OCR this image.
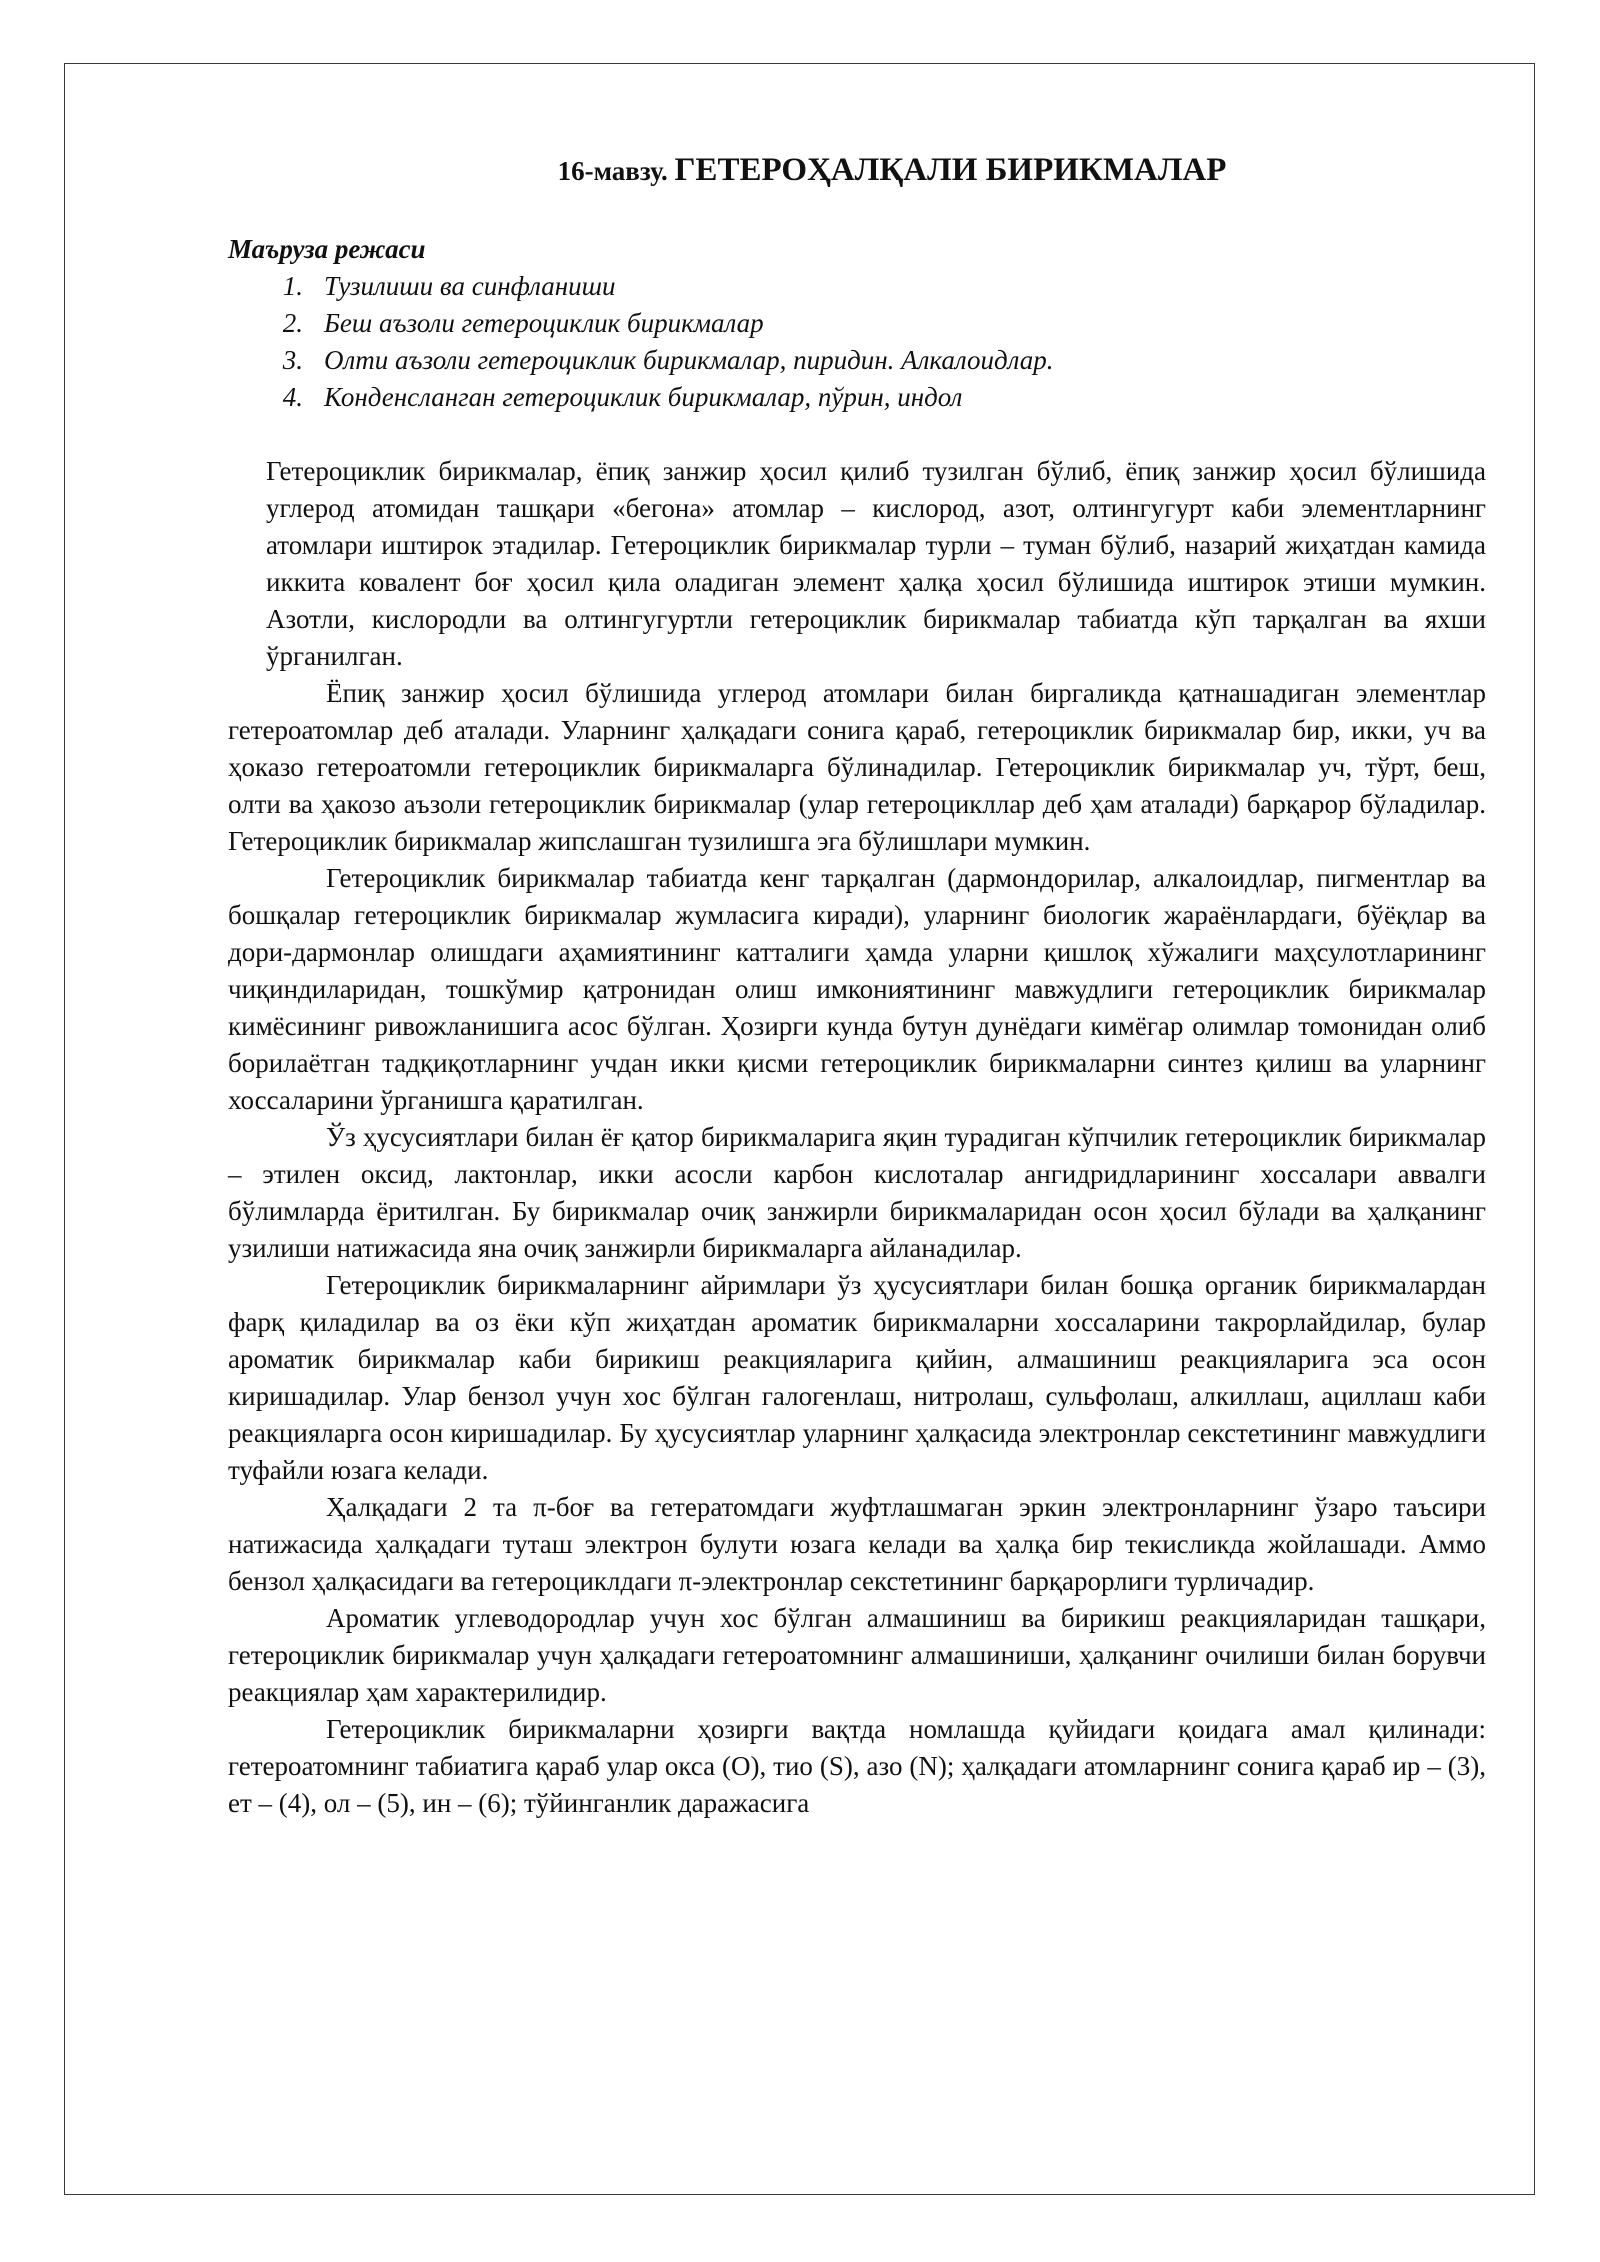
16-мавзу. ГЕТЕРОҲАЛҚАЛИ БИРИКМАЛАР
Маъруза режаси
1. Тузилиши ва синфланиши
2. Беш аъзоли гетероциклик бирикмалар
3. Олти аъзоли гетероциклик бирикмалар, пиридин. Алкалоидлар.
4. Конденсланган гетероциклик бирикмалар, пўрин, индол

Гетероциклик бирикмалар, ёпиқ занжир ҳосил қилиб тузилган бўлиб, ёпиқ занжир ҳосил бўлишида углерод атомидан ташқари «бегона» атомлар – кислород, азот, олтингугурт каби элементларнинг атомлари иштирок этадилар. Гетероциклик бирикмалар турли – туман бўлиб, назарий жиҳатдан камида иккита ковалент боғ ҳосил қила оладиган элемент ҳалқа ҳосил бўлишида иштирок этиши мумкин. Азотли, кислородли ва олтингугуртли гетероциклик бирикмалар табиатда кўп тарқалган ва яхши ўрганилган.

Ёпиқ занжир ҳосил бўлишида углерод атомлари билан биргаликда қатнашадиган элементлар гетероатомлар деб аталади. Уларнинг ҳалқадаги сонига қараб, гетероциклик бирикмалар бир, икки, уч ва ҳоказо гетероатомли гетероциклик бирикмаларга бўлинадилар. Гетероциклик бирикмалар уч, тўрт, беш, олти ва ҳакозо аъзоли гетероциклик бирикмалар (улар гетероцикллар деб ҳам аталади) барқарор бўладилар. Гетероциклик бирикмалар жипслашган тузилишга эга бўлишлари мумкин.

Гетероциклик бирикмалар табиатда кенг тарқалган (дармондорилар, алкалоидлар, пигментлар ва бошқалар гетероциклик бирикмалар жумласига киради), уларнинг биологик жараёнлардаги, бўёқлар ва дори-дармонлар олишдаги аҳамиятининг катталиги ҳамда уларни қишлоқ хўжалиги маҳсулотларининг чиқиндиларидан, тошкўмир қатронидан олиш имкониятининг мавжудлиги гетероциклик бирикмалар кимёсининг ривожланишига асос бўлган. Ҳозирги кунда бутун дунёдаги кимёгар олимлар томонидан олиб борилаётган тадқиқотларнинг учдан икки қисми гетероциклик бирикмаларни синтез қилиш ва уларнинг хоссаларини ўрганишга қаратилган.

Ўз ҳусусиятлари билан ёғ қатор бирикмаларига яқин турадиган кўпчилик гетероциклик бирикмалар – этилен оксид, лактонлар, икки асосли карбон кислоталар ангидридларининг хоссалари аввалги бўлимларда ёритилган. Бу бирикмалар очиқ занжирли бирикмаларидан осон ҳосил бўлади ва ҳалқанинг узилиши натижасида яна очиқ занжирли бирикмаларга айланадилар.

Гетероциклик бирикмаларнинг айримлари ўз ҳусусиятлари билан бошқа органик бирикмалардан фарқ қиладилар ва оз ёки кўп жиҳатдан ароматик бирикмаларни хоссаларини такрорлайдилар, булар ароматик бирикмалар каби бирикиш реакцияларига қийин, алмашиниш реакцияларига эса осон киришадилар. Улар бензол учун хос бўлган галогенлаш, нитролаш, сульфолаш, алкиллаш, ациллаш каби реакцияларга осон киришадилар. Бу ҳусусиятлар уларнинг ҳалқасида электронлар секстетининг мавжудлиги туфайли юзага келади.

Ҳалқадаги 2 та π-боғ ва гетератомдаги жуфтлашмаган эркин электронларнинг ўзаро таъсири натижасида ҳалқадаги туташ электрон булути юзага келади ва ҳалқа бир текисликда жойлашади. Аммо бензол ҳалқасидаги ва гетероциклдаги π-электронлар секстетининг барқарорлиги турличадир.

Ароматик углеводородлар учун хос бўлган алмашиниш ва бирикиш реакцияларидан ташқари, гетероциклик бирикмалар учун ҳалқадаги гетероатомнинг алмашиниши, ҳалқанинг очилиши билан борувчи реакциялар ҳам характерилидир.

Гетероциклик бирикмаларни ҳозирги вақтда номлашда қуйидаги қоидага амал қилинади: гетероатомнинг табиатига қараб улар окса (О), тио (S), азо (N); ҳалқадаги атомларнинг сонига қараб ир – (3), ет – (4), ол – (5), ин – (6); тўйинганлик даражасига
